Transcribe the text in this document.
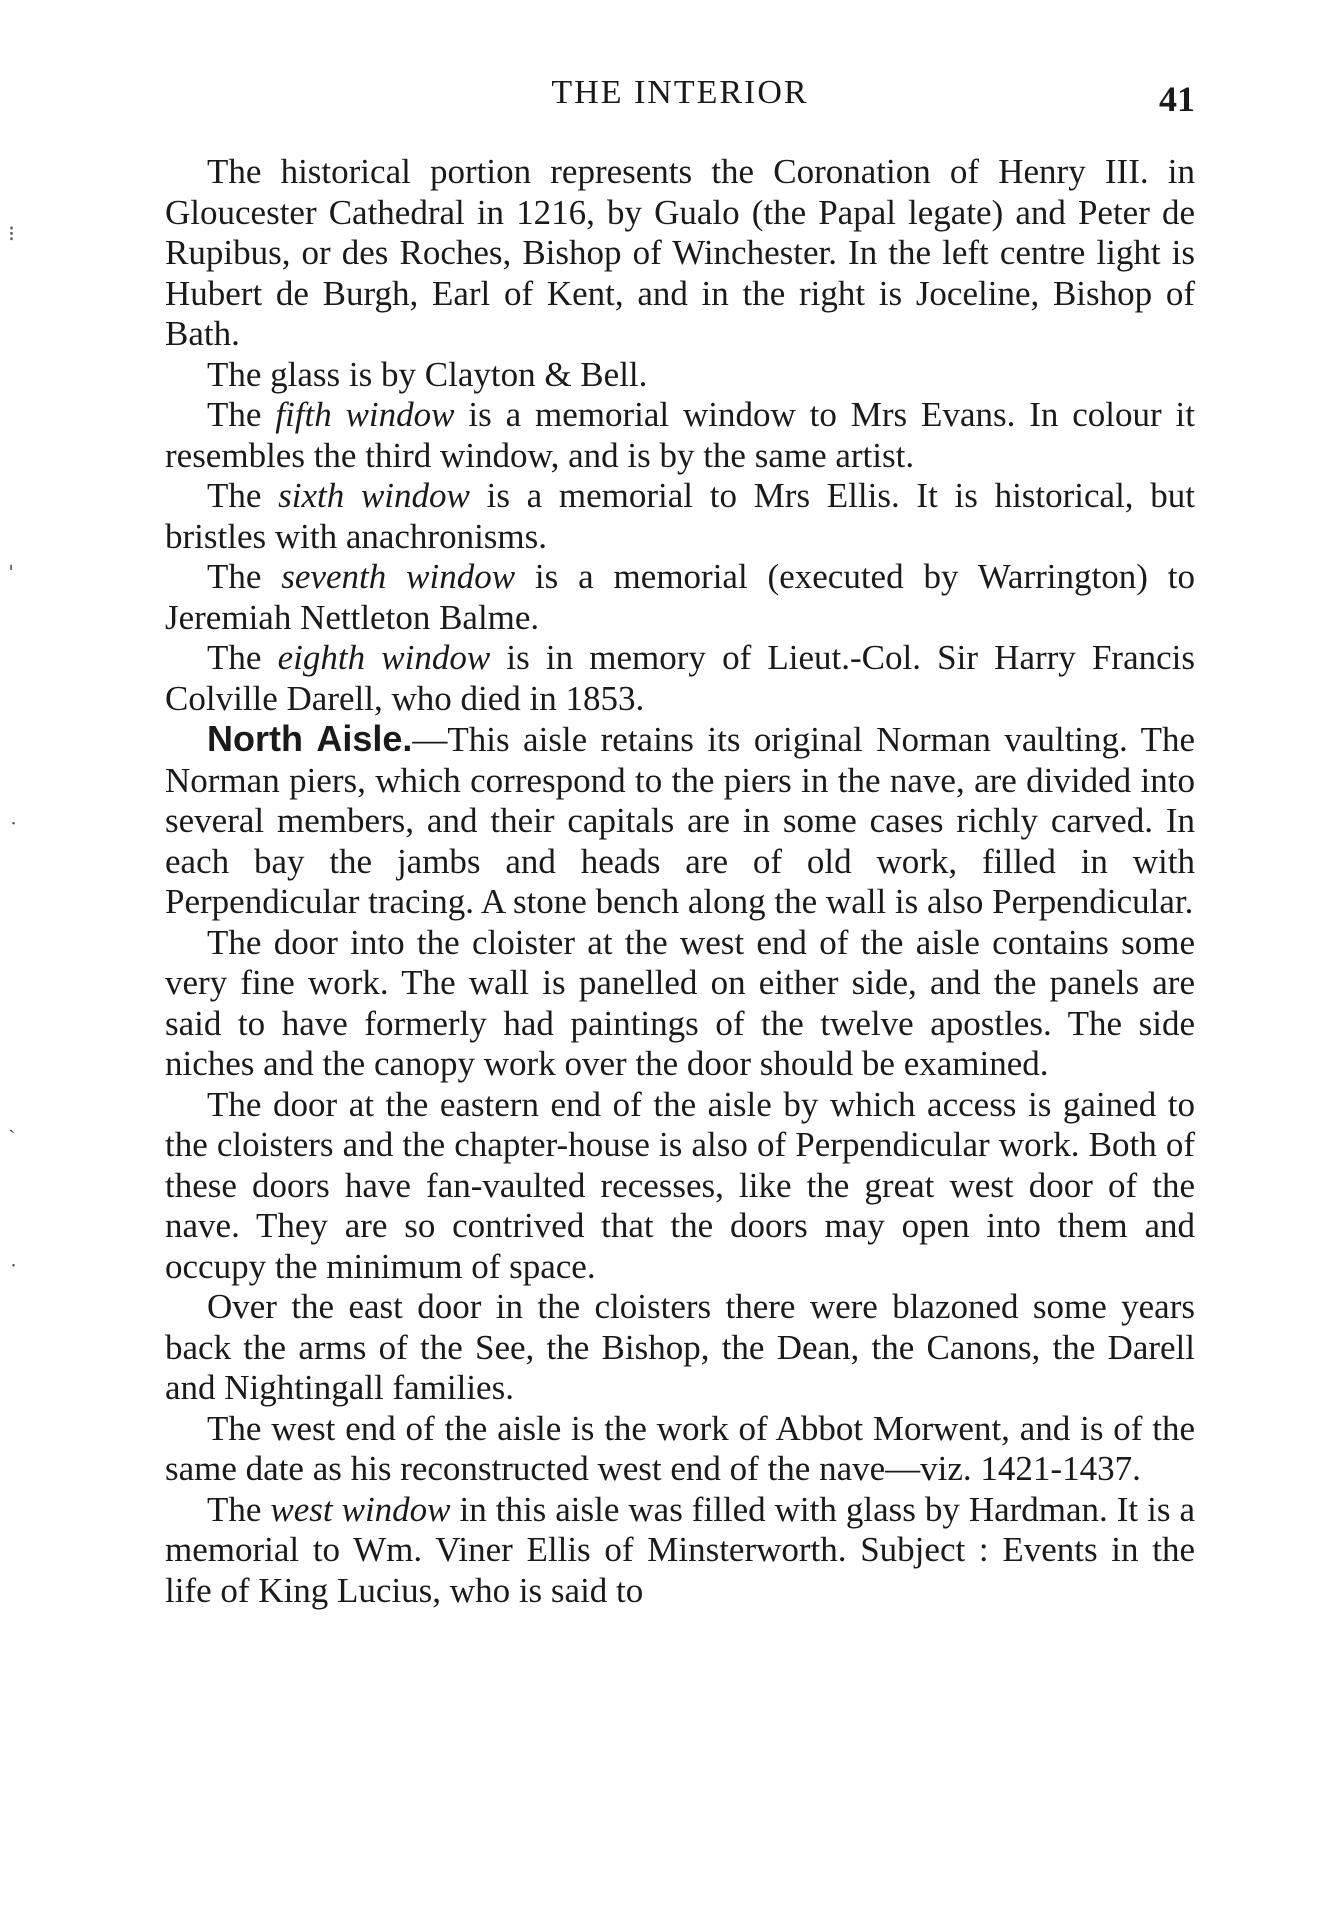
THE INTERIOR	41

The historical portion represents the Coronation of Henry III. in Gloucester Cathedral in 1216, by Gualo (the Papal legate) and Peter de Rupibus, or des Roches, Bishop of Winchester. In the left centre light is Hubert de Burgh, Earl of Kent, and in the right is Joceline, Bishop of Bath.

The glass is by Clayton & Bell.

The fifth window is a memorial window to Mrs Evans. In colour it resembles the third window, and is by the same artist.

The sixth window is a memorial to Mrs Ellis. It is historical, but bristles with anachronisms.

The seventh window is a memorial (executed by Warrington) to Jeremiah Nettleton Balme.

The eighth window is in memory of Lieut.-Col. Sir Harry Francis Colville Darell, who died in 1853.

North Aisle.—This aisle retains its original Norman vaulting. The Norman piers, which correspond to the piers in the nave, are divided into several members, and their capitals are in some cases richly carved. In each bay the jambs and heads are of old work, filled in with Perpendicular tracing. A stone bench along the wall is also Perpendicular.

The door into the cloister at the west end of the aisle contains some very fine work. The wall is panelled on either side, and the panels are said to have formerly had paintings of the twelve apostles. The side niches and the canopy work over the door should be examined.

The door at the eastern end of the aisle by which access is gained to the cloisters and the chapter-house is also of Perpendicular work. Both of these doors have fan-vaulted recesses, like the great west door of the nave. They are so contrived that the doors may open into them and occupy the minimum of space.

Over the east door in the cloisters there were blazoned some years back the arms of the See, the Bishop, the Dean, the Canons, the Darell and Nightingall families.

The west end of the aisle is the work of Abbot Morwent, and is of the same date as his reconstructed west end of the nave—viz. 1421-1437.

The west window in this aisle was filled with glass by Hardman. It is a memorial to Wm. Viner Ellis of Minsterworth. Subject : Events in the life of King Lucius, who is said to

⁝
ˌ
˙
ˏ
˙
